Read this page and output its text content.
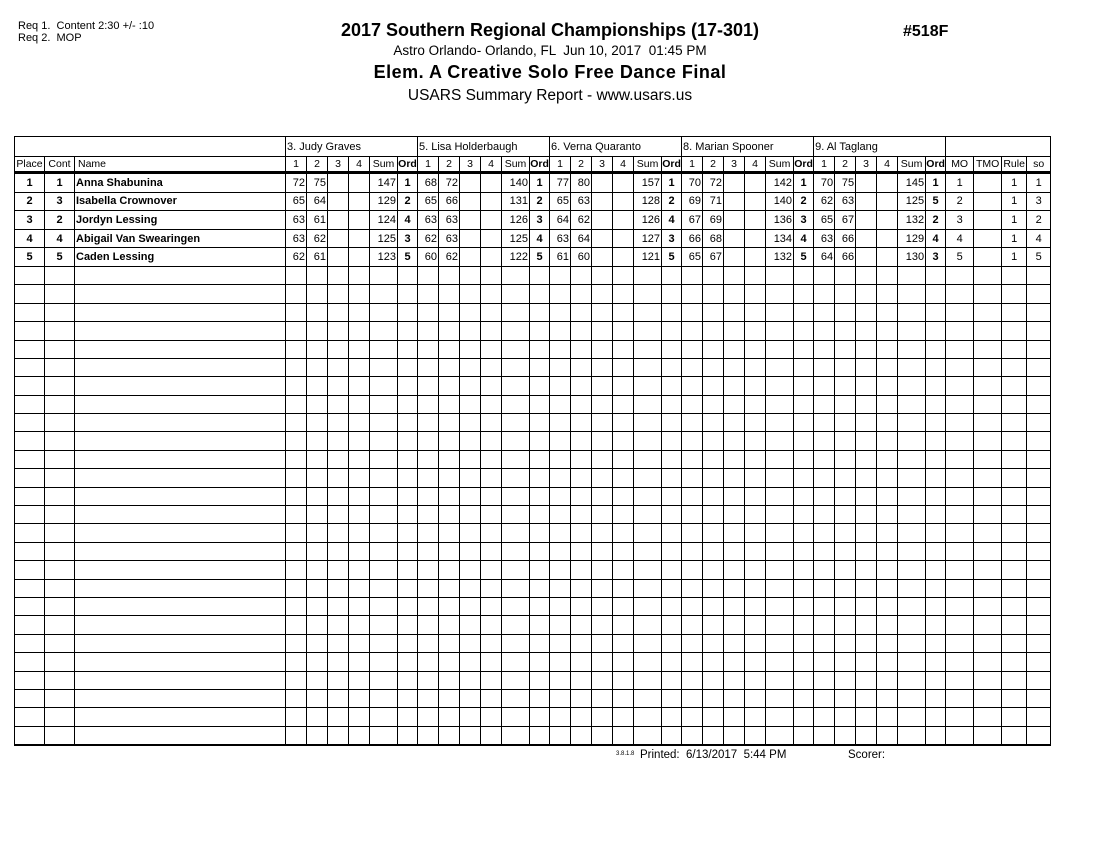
Req 1.  Content 2:30 +/- :10
Req 2.  MOP	2017 Southern Regional Championships (17-301)
Astro Orlando- Orlando, FL  Jun 10, 2017  01:45 PM
Elem. A Creative Solo Free Dance Final
USARS Summary Report - www.usars.us
#518F
			3. Judy Graves						5. Lisa Holderbaugh						6. Verna Quaranto						8. Marian Spooner						9. Al Taglang									
Place	Cont	Name	1	2	3	4	Sum	Ord	1	2	3	4	Sum	Ord	1	2	3	4	Sum	Ord	1	2	3	4	Sum	Ord	1	2	3	4	Sum	Ord	MO	TMO	Rule	so
1	1	Anna Shabunina	72	75			147	1	68	72			140	1	77	80			157	1	70	72			142	1	70	75			145	1	1		1	1
2	3	Isabella Crownover	65	64			129	2	65	66			131	2	65	63			128	2	69	71			140	2	62	63			125	5	2		1	3
3	2	Jordyn Lessing	63	61			124	4	63	63			126	3	64	62			126	4	67	69			136	3	65	67			132	2	3		1	2
4	4	Abigail Van Swearingen	63	62			125	3	62	63			125	4	63	64			127	3	66	68			134	4	63	66			129	4	4		1	4
5	5	Caden Lessing	62	61			123	5	60	62			122	5	61	60			121	5	65	67			132	5	64	66			130	3	5		1	5

3.8.1.8 Printed:  6/13/2017  5:44 PM	Scorer:
